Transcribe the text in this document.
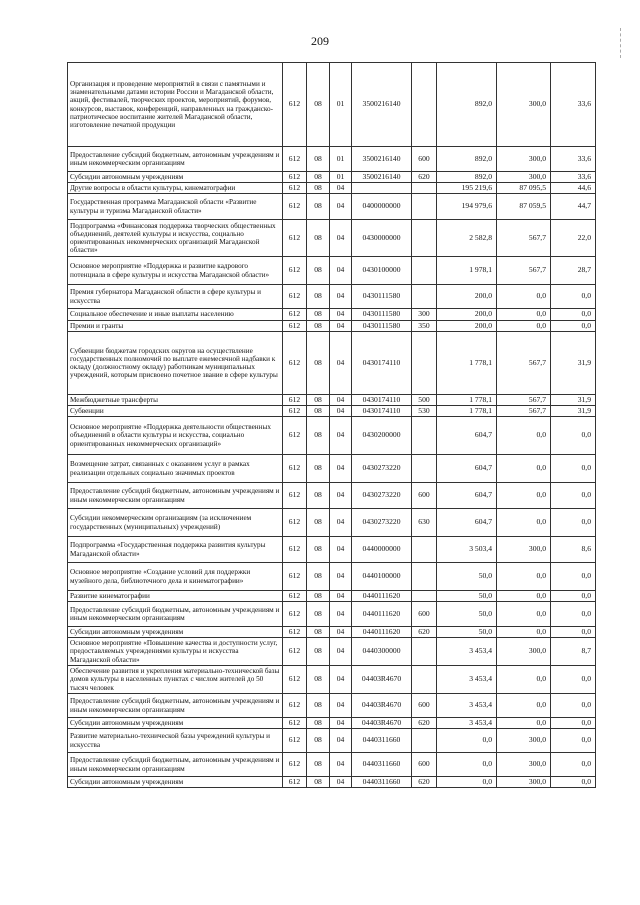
209
Организация и проведение мероприятий в связи с памятными и знаменательными датами истории России и Магаданской области, акций, фестивалей, творческих проектов, мероприятий, форумов, конкурсов, выставок, конференций, направленных на гражданско-патриотическое воспитание жителей Магаданской области, изготовление печатной продукции	612	08	01	3500216140		892,0	300,0	33,6
Предоставление субсидий бюджетным, автономным учреждениям и иным некоммерческим организациям	612	08	01	3500216140	600	892,0	300,0	33,6
Субсидии автономным учреждениям	612	08	01	3500216140	620	892,0	300,0	33,6
Другие вопросы в области культуры, кинематографии	612	08	04			195 219,6	87 095,5	44,6
Государственная программа Магаданской области «Развитие культуры и туризма Магаданской области»	612	08	04	0400000000		194 979,6	87 059,5	44,7
Подпрограмма «Финансовая поддержка творческих общественных объединений, деятелей культуры и искусства, социально ориентированных некоммерческих организаций Магаданской области»	612	08	04	0430000000		2 582,8	567,7	22,0
Основное мероприятие «Поддержка и развитие кадрового потенциала в сфере культуры и искусства Магаданской области»	612	08	04	0430100000		1 978,1	567,7	28,7
Премия губернатора Магаданской области в сфере культуры и искусства	612	08	04	0430111580		200,0	0,0	0,0
Социальное обеспечение и иные выплаты населению	612	08	04	0430111580	300	200,0	0,0	0,0
Премии и гранты	612	08	04	0430111580	350	200,0	0,0	0,0
Субвенции бюджетам городских округов на осуществление государственных полномочий по выплате ежемесячной надбавки к окладу (должностному окладу) работникам муниципальных учреждений, которым присвоено почетное звание в сфере культуры	612	08	04	0430174110		1 778,1	567,7	31,9
Межбюджетные трансферты	612	08	04	0430174110	500	1 778,1	567,7	31,9
Субвенции	612	08	04	0430174110	530	1 778,1	567,7	31,9
Основное мероприятие «Поддержка деятельности общественных объединений в области культуры и искусства, социально ориентированных некоммерческих организаций»	612	08	04	0430200000		604,7	0,0	0,0
Возмещение затрат, связанных с оказанием услуг в рамках реализации отдельных социально значимых проектов	612	08	04	0430273220		604,7	0,0	0,0
Предоставление субсидий бюджетным, автономным учреждениям и иным некоммерческим организациям	612	08	04	0430273220	600	604,7	0,0	0,0
Субсидии некоммерческим организациям (за исключением государственных (муниципальных) учреждений)	612	08	04	0430273220	630	604,7	0,0	0,0
Подпрограмма «Государственная поддержка развития культуры Магаданской области»	612	08	04	0440000000		3 503,4	300,0	8,6
Основное мероприятие «Создание условий для поддержки музейного дела, библиотечного дела и кинематографии»	612	08	04	0440100000		50,0	0,0	0,0
Развитие кинематографии	612	08	04	0440111620		50,0	0,0	0,0
Предоставление субсидий бюджетным, автономным учреждениям и иным некоммерческим организациям	612	08	04	0440111620	600	50,0	0,0	0,0
Субсидии автономным учреждениям	612	08	04	0440111620	620	50,0	0,0	0,0
Основное мероприятие «Повышение качества и доступности услуг, предоставляемых учреждениями культуры и искусства Магаданской области»	612	08	04	0440300000		3 453,4	300,0	8,7
Обеспечение развития и укрепления материально-технической базы домов культуры в населенных пунктах с числом жителей до 50 тысяч человек	612	08	04	04403R4670		3 453,4	0,0	0,0
Предоставление субсидий бюджетным, автономным учреждениям и иным некоммерческим организациям	612	08	04	04403R4670	600	3 453,4	0,0	0,0
Субсидии автономным учреждениям	612	08	04	04403R4670	620	3 453,4	0,0	0,0
Развитие материально-технической базы учреждений культуры и искусства	612	08	04	0440311660		0,0	300,0	0,0
Предоставление субсидий бюджетным, автономным учреждениям и иным некоммерческим организациям	612	08	04	0440311660	600	0,0	300,0	0,0
Субсидии автономным учреждениям	612	08	04	0440311660	620	0,0	300,0	0,0
